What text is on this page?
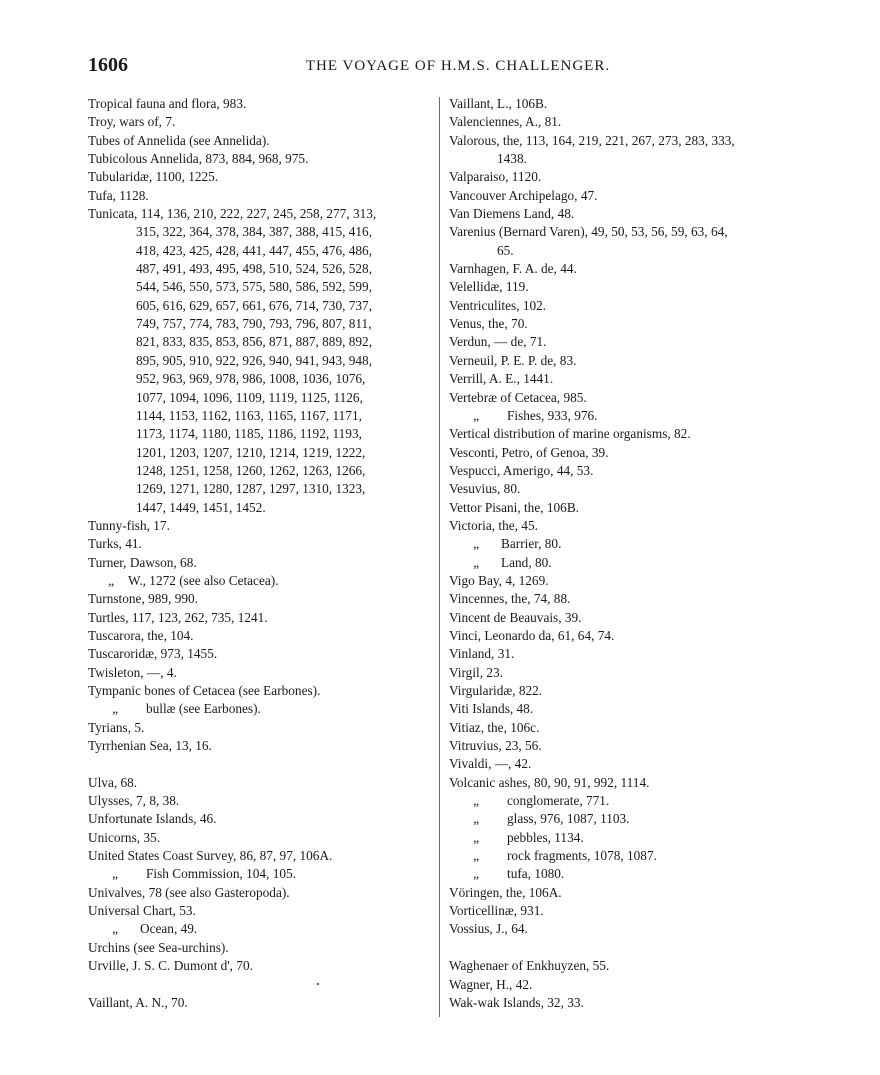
1606	THE VOYAGE OF H.M.S. CHALLENGER.
Tropical fauna and flora, 983.
Troy, wars of, 7.
Tubes of Annelida (see Annelida).
Tubicolous Annelida, 873, 884, 968, 975.
Tubularidæ, 1100, 1225.
Tufa, 1128.
Tunicata, 114, 136, 210, 222, 227, 245, 258, 277, 313,
315, 322, 364, 378, 384, 387, 388, 415, 416,
418, 423, 425, 428, 441, 447, 455, 476, 486,
487, 491, 493, 495, 498, 510, 524, 526, 528,
544, 546, 550, 573, 575, 580, 586, 592, 599,
605, 616, 629, 657, 661, 676, 714, 730, 737,
749, 757, 774, 783, 790, 793, 796, 807, 811,
821, 833, 835, 853, 856, 871, 887, 889, 892,
895, 905, 910, 922, 926, 940, 941, 943, 948,
952, 963, 969, 978, 986, 1008, 1036, 1076,
1077, 1094, 1096, 1109, 1119, 1125, 1126,
1144, 1153, 1162, 1163, 1165, 1167, 1171,
1173, 1174, 1180, 1185, 1186, 1192, 1193,
1201, 1203, 1207, 1210, 1214, 1219, 1222,
1248, 1251, 1258, 1260, 1262, 1263, 1266,
1269, 1271, 1280, 1287, 1297, 1310, 1323,
1447, 1449, 1451, 1452.
Tunny-fish, 17.
Turks, 41.
Turner, Dawson, 68.
„ W., 1272 (see also Cetacea).
Turnstone, 989, 990.
Turtles, 117, 123, 262, 735, 1241.
Tuscarora, the, 104.
Tuscaroridæ, 973, 1455.
Twisleton, —, 4.
Tympanic bones of Cetacea (see Earbones).
„ bullæ (see Earbones).
Tyrians, 5.
Tyrrhenian Sea, 13, 16.
Ulva, 68.
Ulysses, 7, 8, 38.
Unfortunate Islands, 46.
Unicorns, 35.
United States Coast Survey, 86, 87, 97, 106A.
„ Fish Commission, 104, 105.
Univalves, 78 (see also Gasteropoda).
Universal Chart, 53.
„ Ocean, 49.
Urchins (see Sea-urchins).
Urville, J. S. C. Dumont d', 70.
Vaillant, A. N., 70.
Vaillant, L., 106B.
Valenciennes, A., 81.
Valorous, the, 113, 164, 219, 221, 267, 273, 283, 333,
1438.
Valparaiso, 1120.
Vancouver Archipelago, 47.
Van Diemens Land, 48.
Varenius (Bernard Varen), 49, 50, 53, 56, 59, 63, 64,
65.
Varnhagen, F. A. de, 44.
Velellidæ, 119.
Ventriculites, 102.
Venus, the, 70.
Verdun, — de, 71.
Verneuil, P. E. P. de, 83.
Verrill, A. E., 1441.
Vertebræ of Cetacea, 985.
„ Fishes, 933, 976.
Vertical distribution of marine organisms, 82.
Vesconti, Petro, of Genoa, 39.
Vespucci, Amerigo, 44, 53.
Vesuvius, 80.
Vettor Pisani, the, 106B.
Victoria, the, 45.
„ Barrier, 80.
„ Land, 80.
Vigo Bay, 4, 1269.
Vincennes, the, 74, 88.
Vincent de Beauvais, 39.
Vinci, Leonardo da, 61, 64, 74.
Vinland, 31.
Virgil, 23.
Virgularidæ, 822.
Viti Islands, 48.
Vitiaz, the, 106c.
Vitruvius, 23, 56.
Vivaldi, —, 42.
Volcanic ashes, 80, 90, 91, 992, 1114.
„ conglomerate, 771.
„ glass, 976, 1087, 1103.
„ pebbles, 1134.
„ rock fragments, 1078, 1087.
„ tufa, 1080.
Vöringen, the, 106A.
Vorticellinæ, 931.
Vossius, J., 64.
Waghenaer of Enkhuyzen, 55.
Wagner, H., 42.
Wak-wak Islands, 32, 33.
